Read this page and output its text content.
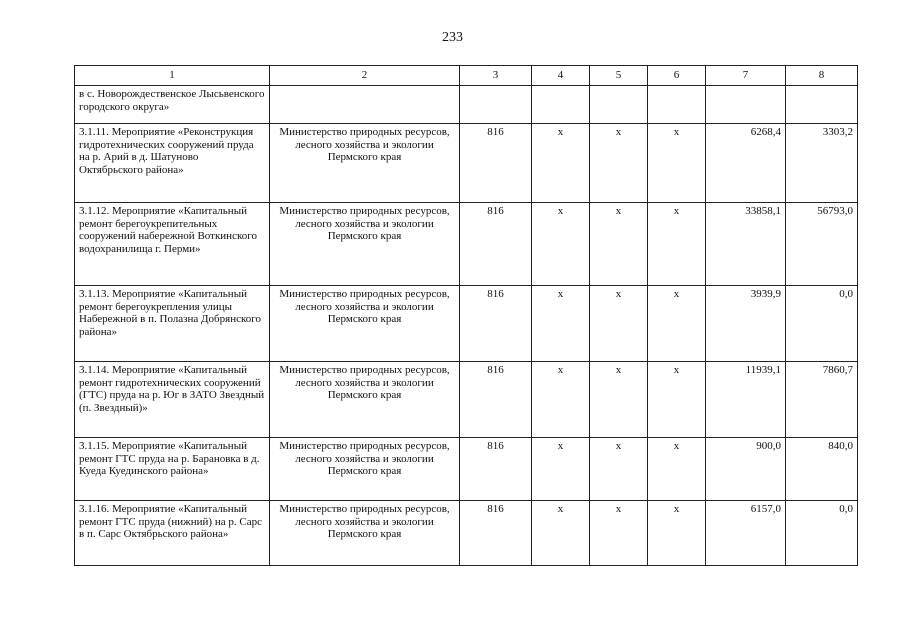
233
1	2	3	4	5	6	7	8
в с. Новорождественское Лысьвенского городского округа»							
3.1.11. Мероприятие «Реконструкция гидротехнических сооружений пруда на р. Арий в д. Шатуново Октябрьского района»	Министерство природных ресурсов, лесного хозяйства и экологии Пермского края	816	х	х	х	6268,4	3303,2
3.1.12. Мероприятие «Капитальный ремонт берегоукрепительных сооружений набережной Воткинского водохранилища г. Перми»	Министерство природных ресурсов, лесного хозяйства и экологии Пермского края	816	х	х	х	33858,1	56793,0
3.1.13. Мероприятие «Капитальный ремонт берегоукрепления улицы Набережной в п. Полазна Добрянского района»	Министерство природных ресурсов, лесного хозяйства и экологии Пермского края	816	х	х	х	3939,9	0,0
3.1.14. Мероприятие «Капитальный ремонт гидротехнических сооружений (ГТС) пруда на р. Юг в ЗАТО Звездный (п. Звездный)»	Министерство природных ресурсов, лесного хозяйства и экологии Пермского края	816	х	х	х	11939,1	7860,7
3.1.15. Мероприятие «Капитальный ремонт ГТС пруда на р. Барановка в д. Куеда Куединского района»	Министерство природных ресурсов, лесного хозяйства и экологии Пермского края	816	х	х	х	900,0	840,0
3.1.16. Мероприятие «Капитальный ремонт ГТС пруда (нижний) на р. Сарс в п. Сарс Октябрьского района»	Министерство природных ресурсов, лесного хозяйства и экологии Пермского края	816	х	х	х	6157,0	0,0
